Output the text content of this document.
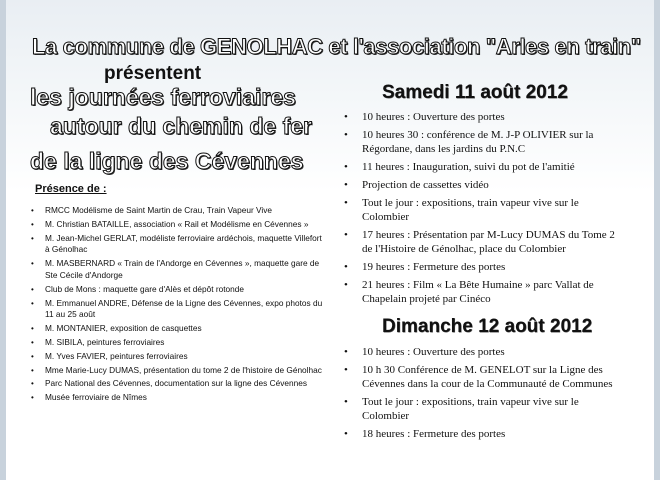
La commune de GENOLHAC et l'association "Arles en train"
présentent
les journées ferroviaires
autour du chemin de fer
de la ligne des Cévennes
Présence de :
• RMCC Modélisme de Saint Martin de Crau, Train Vapeur Vive
• M. Christian BATAILLE, association « Rail et Modélisme en Cévennes »
• M. Jean-Michel GERLAT, modéliste ferroviaire ardéchois, maquette Villefort à Génolhac
• M. MASBERNARD « Train de l'Andorge en Cévennes », maquette gare de Ste Cécile d'Andorge
• Club de Mons : maquette gare d'Alès et dépôt rotonde
• M. Emmanuel ANDRE, Défense de la Ligne des Cévennes, expo photos du 11 au 25 août
• M. MONTANIER, exposition de casquettes
• M. SIBILA, peintures ferroviaires
• M. Yves FAVIER, peintures ferroviaires
• Mme Marie-Lucy DUMAS, présentation du tome 2 de l'histoire de Génolhac
• Parc National des Cévennes, documentation sur la ligne des Cévennes
• Musée ferroviaire de Nîmes
Samedi 11 août 2012
• 10 heures : Ouverture des portes
• 10 heures 30 : conférence de M. J-P OLIVIER sur la Régordane, dans les jardins du P.N.C
• 11 heures : Inauguration, suivi du pot de l'amitié
• Projection de cassettes vidéo
• Tout le jour : expositions, train vapeur vive sur le Colombier
• 17 heures : Présentation par M-Lucy DUMAS du Tome 2 de l'Histoire de Génolhac, place du Colombier
• 19 heures : Fermeture des portes
• 21 heures : Film « La Bête Humaine » parc Vallat de Chapelain projeté par Cinéco
Dimanche 12 août 2012
• 10 heures : Ouverture des portes
• 10 h 30 Conférence de M. GENELOT sur la Ligne des Cévennes dans la cour de la Communauté de Communes
• Tout le jour : expositions, train vapeur vive sur le Colombier
• 18 heures : Fermeture des portes
